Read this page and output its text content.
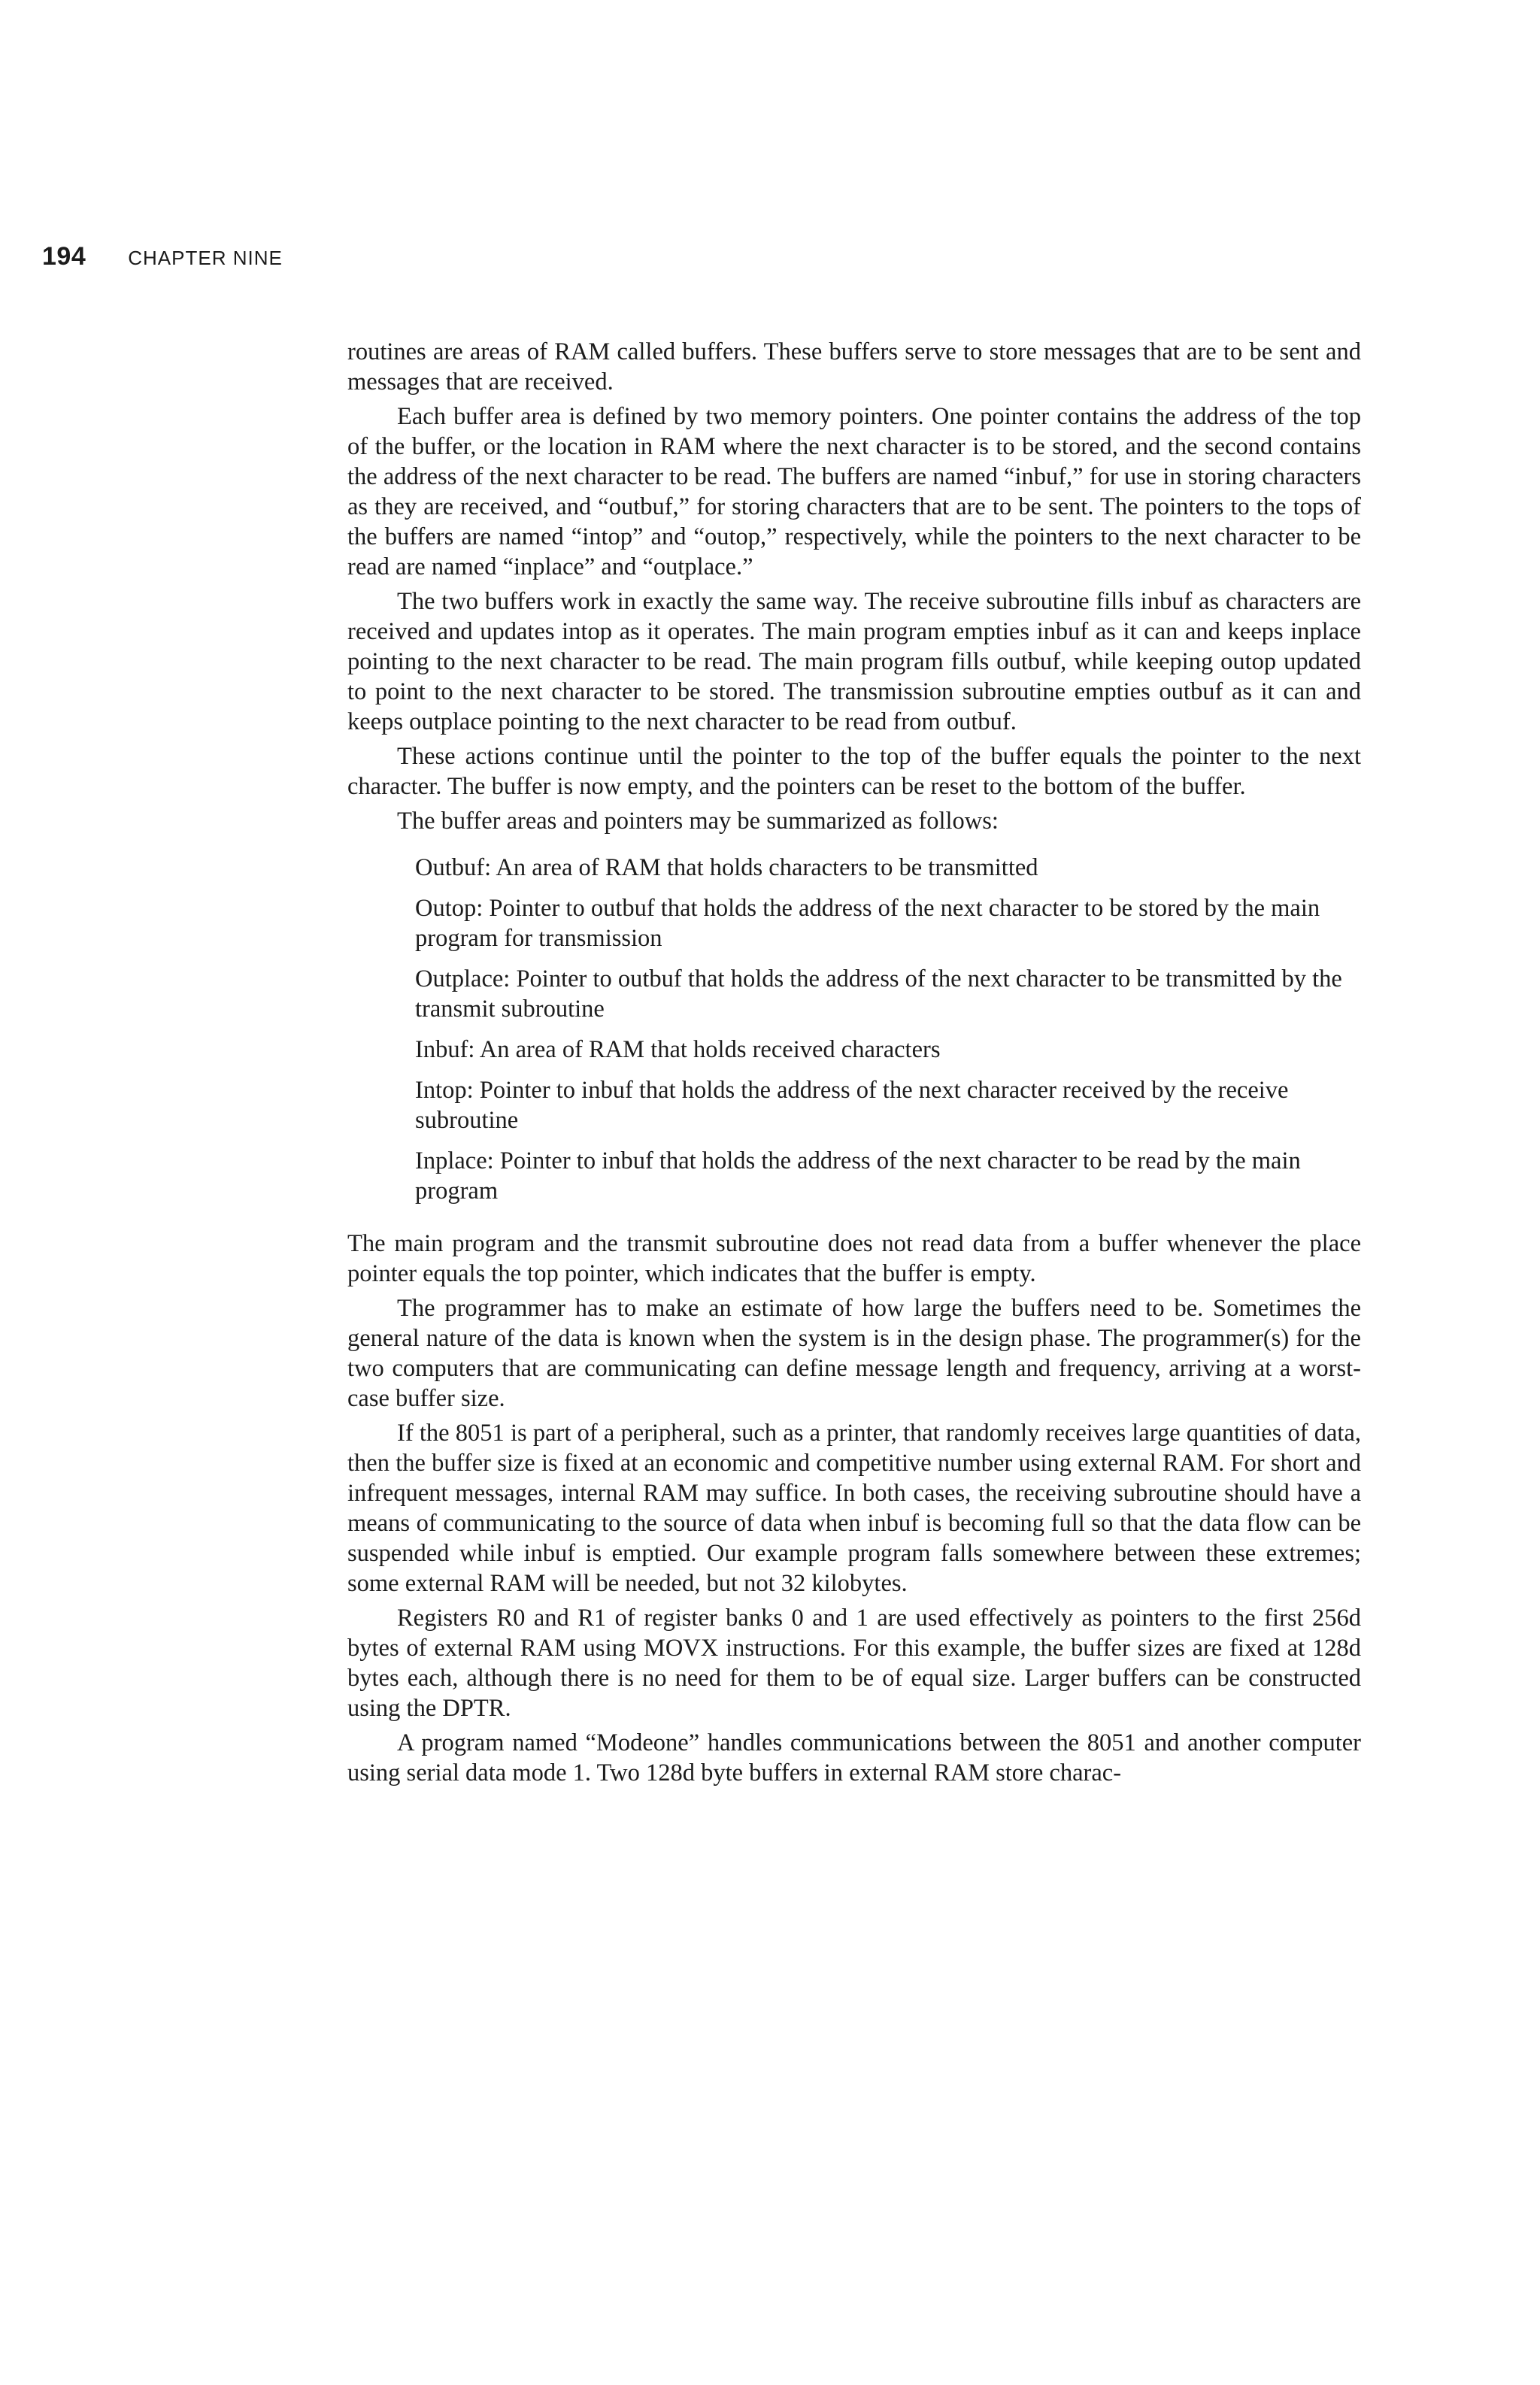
194 CHAPTER NINE

routines are areas of RAM called buffers. These buffers serve to store messages that are to be sent and messages that are received.

Each buffer area is defined by two memory pointers. One pointer contains the address of the top of the buffer, or the location in RAM where the next character is to be stored, and the second contains the address of the next character to be read. The buffers are named “inbuf,” for use in storing characters as they are received, and “outbuf,” for storing characters that are to be sent. The pointers to the tops of the buffers are named “intop” and “outop,” respectively, while the pointers to the next character to be read are named “inplace” and “outplace.”

The two buffers work in exactly the same way. The receive subroutine fills inbuf as characters are received and updates intop as it operates. The main program empties inbuf as it can and keeps inplace pointing to the next character to be read. The main program fills outbuf, while keeping outop updated to point to the next character to be stored. The transmission subroutine empties outbuf as it can and keeps outplace pointing to the next character to be read from outbuf.

These actions continue until the pointer to the top of the buffer equals the pointer to the next character. The buffer is now empty, and the pointers can be reset to the bottom of the buffer.

The buffer areas and pointers may be summarized as follows:

Outbuf: An area of RAM that holds characters to be transmitted
Outop: Pointer to outbuf that holds the address of the next character to be stored by the main program for transmission
Outplace: Pointer to outbuf that holds the address of the next character to be transmitted by the transmit subroutine
Inbuf: An area of RAM that holds received characters
Intop: Pointer to inbuf that holds the address of the next character received by the receive subroutine
Inplace: Pointer to inbuf that holds the address of the next character to be read by the main program

The main program and the transmit subroutine does not read data from a buffer whenever the place pointer equals the top pointer, which indicates that the buffer is empty.

The programmer has to make an estimate of how large the buffers need to be. Sometimes the general nature of the data is known when the system is in the design phase. The programmer(s) for the two computers that are communicating can define message length and frequency, arriving at a worst-case buffer size.

If the 8051 is part of a peripheral, such as a printer, that randomly receives large quantities of data, then the buffer size is fixed at an economic and competitive number using external RAM. For short and infrequent messages, internal RAM may suffice. In both cases, the receiving subroutine should have a means of communicating to the source of data when inbuf is becoming full so that the data flow can be suspended while inbuf is emptied. Our example program falls somewhere between these extremes; some external RAM will be needed, but not 32 kilobytes.

Registers R0 and R1 of register banks 0 and 1 are used effectively as pointers to the first 256d bytes of external RAM using MOVX instructions. For this example, the buffer sizes are fixed at 128d bytes each, although there is no need for them to be of equal size. Larger buffers can be constructed using the DPTR.

A program named “Modeone” handles communications between the 8051 and another computer using serial data mode 1. Two 128d byte buffers in external RAM store charac-
